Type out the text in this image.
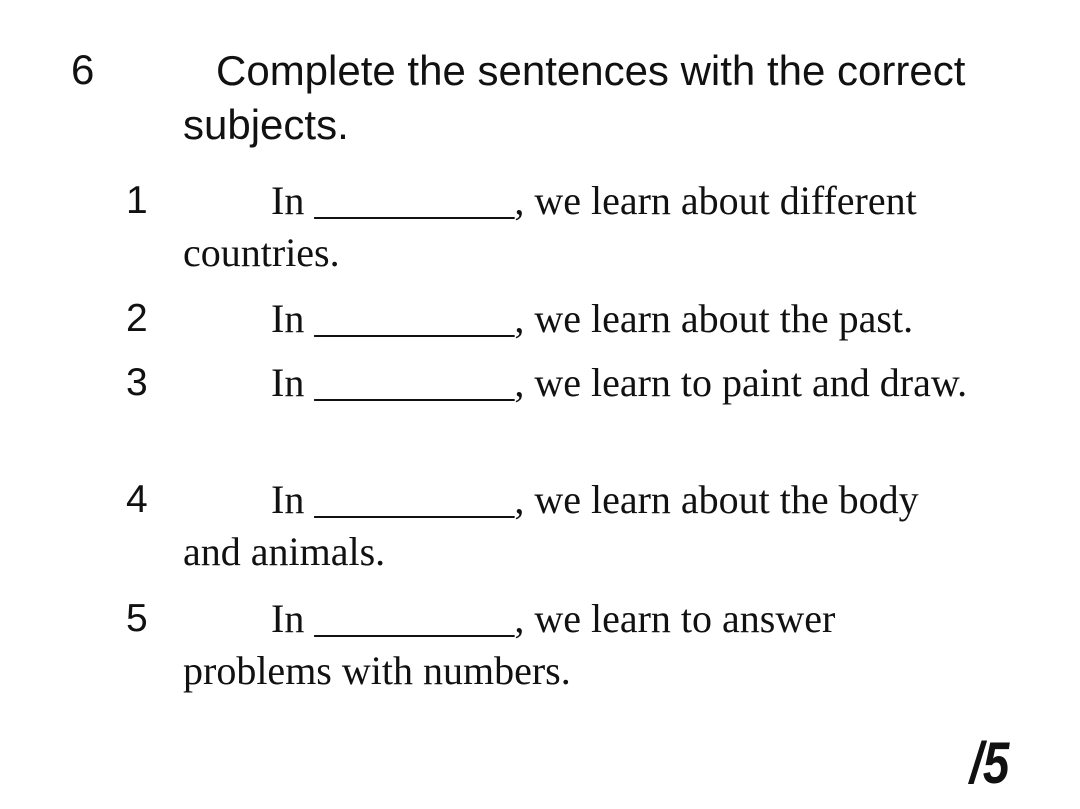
6	Complete the sentences with the correct subjects.

1	In __________, we learn about different countries.

2	In __________, we learn about the past.

3	In __________, we learn to paint and draw.

4	In __________, we learn about the body and animals.

5	In __________, we learn to answer problems with numbers.

/5
